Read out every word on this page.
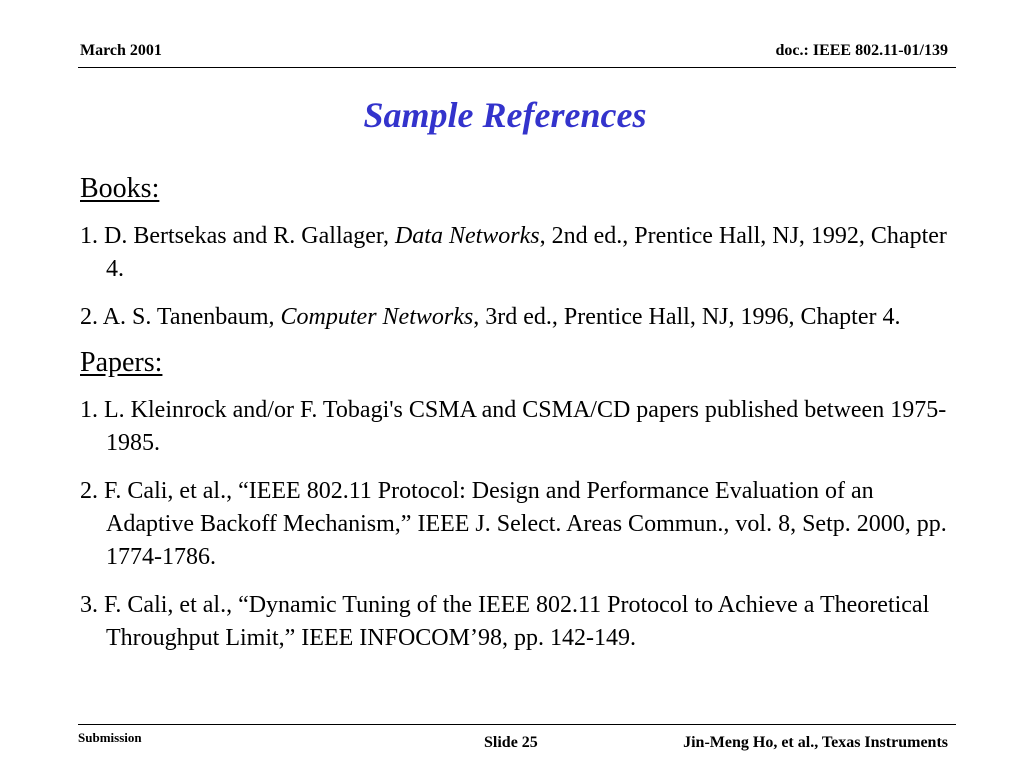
March 2001	doc.: IEEE 802.11-01/139
Sample References

Books:

1. D. Bertsekas and R. Gallager, Data Networks, 2nd ed., Prentice Hall, NJ, 1992, Chapter 4.

2. A. S. Tanenbaum, Computer Networks, 3rd ed., Prentice Hall, NJ, 1996, Chapter 4.

Papers:

1. L. Kleinrock and/or F. Tobagi's CSMA and CSMA/CD papers published between 1975-1985.

2. F. Cali, et al., “IEEE 802.11 Protocol: Design and Performance Evaluation of an Adaptive Backoff Mechanism,” IEEE J. Select. Areas Commun., vol. 8, Setp. 2000, pp. 1774-1786.

3. F. Cali, et al., “Dynamic Tuning of the IEEE 802.11 Protocol to Achieve a Theoretical Throughput Limit,” IEEE INFOCOM’98, pp. 142-149.

Submission	Slide 25	Jin-Meng Ho, et al., Texas Instruments
